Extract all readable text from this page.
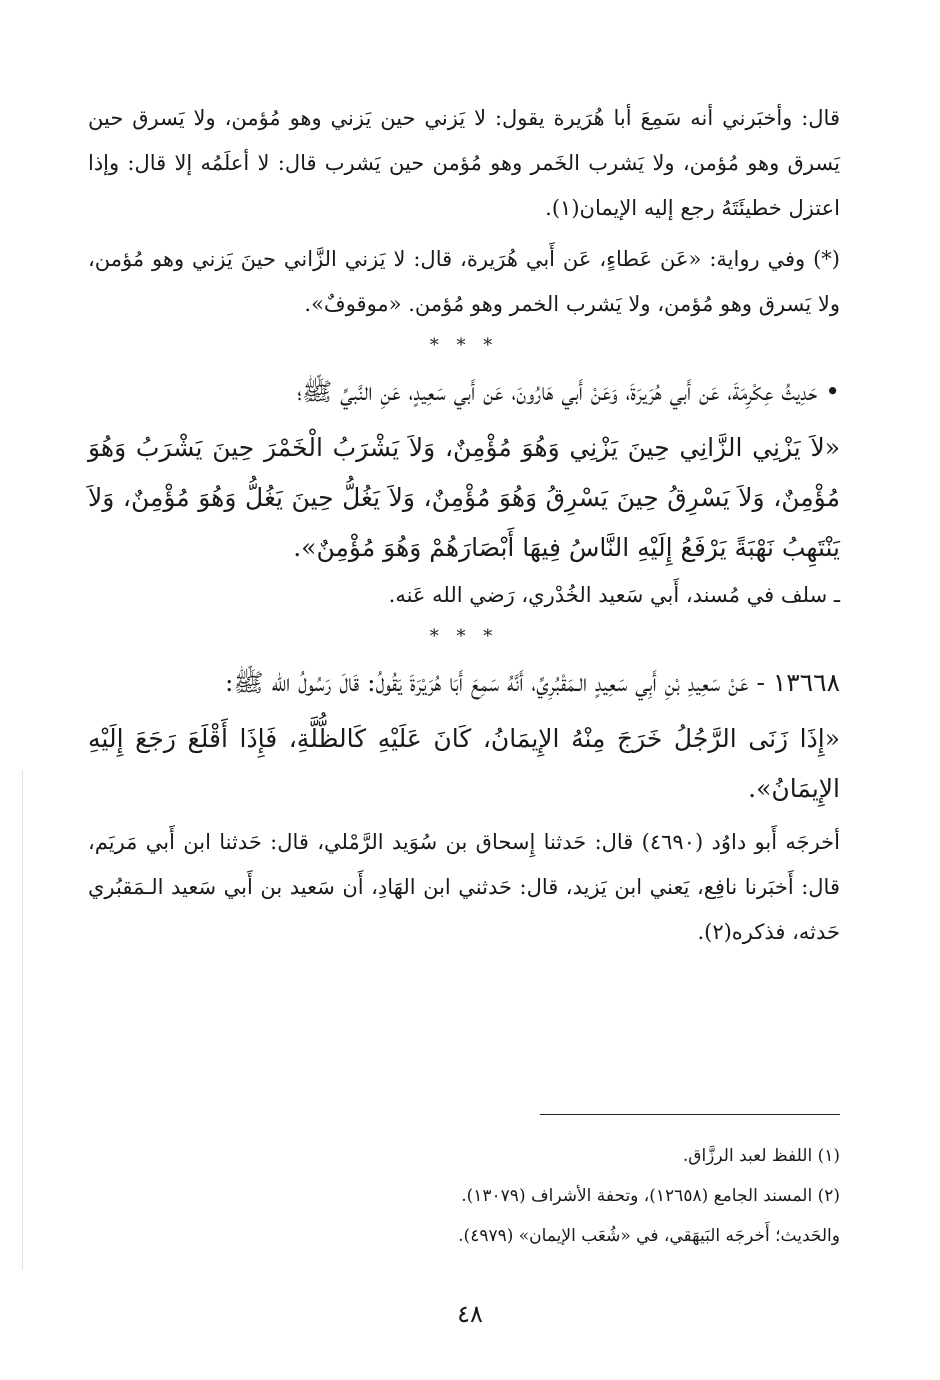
قال: وأخبَرني أنه سَمِعَ أبا هُرَيرة يقول: لا يَزني حين يَزني وهو مُؤمن، ولا يَسرق حين يَسرق وهو مُؤمن، ولا يَشرب الخَمر وهو مُؤمن حين يَشرب قال: لا أعلَمُه إلا قال: وإذا اعتزل خطيئَتَهُ رجع إليه الإيمان(١).

(*) وفي رواية: «عَن عَطاءٍ، عَن أَبي هُرَيرة، قال: لا يَزني الزَّاني حينَ يَزني وهو مُؤمن، ولا يَسرق وهو مُؤمن، ولا يَشرب الخمر وهو مُؤمن. «موقوفٌ».

* * *

• حَدِيثُ عِكْرِمَةَ، عَن أَبي هُرَيرَةَ، وَعَنْ أَبي هَارُونَ، عَن أَبي سَعِيدٍ، عَنِ النَّبيِّ ﷺ؛

«لاَ يَزْنِي الزَّانِي حِينَ يَزْنِي وَهُوَ مُؤْمِنٌ، وَلاَ يَشْرَبُ الْخَمْرَ حِينَ يَشْرَبُ وَهُوَ مُؤْمِنٌ، وَلاَ يَسْرِقُ حِينَ يَسْرِقُ وَهُوَ مُؤْمِنٌ، وَلاَ يَغُلُّ حِينَ يَغُلُّ وَهُوَ مُؤْمِنٌ، وَلاَ يَنْتَهِبُ نَهْبَةً يَرْفَعُ إِلَيْهِ النَّاسُ فِيهَا أَبْصَارَهُمْ وَهُوَ مُؤْمِنٌ».

ـ سلف في مُسند، أَبي سَعيد الخُدْري، رَضي الله عَنه.

* * *

١٣٦٦٨ - عَنْ سَعِيدِ بْنِ أَبِي سَعِيدٍ الـمَقْبُرِيِّ، أَنَّهُ سَمِعَ أَبَا هُرَيْرَةَ يَقُولُ: قَالَ رَسُولُ الله ﷺ:

«إِذَا زَنَى الرَّجُلُ خَرَجَ مِنْهُ الإِيمَانُ، كَانَ عَلَيْهِ كَالظُّلَّةِ، فَإِذَا أَقْلَعَ رَجَعَ إِلَيْهِ الإِيمَانُ».

أخرجَه أَبو داوُد (٤٦٩٠) قال: حَدثنا إِسحاق بن سُوَيد الرَّمْلي، قال: حَدثنا ابن أَبي مَريَم، قال: أَخبَرنا نافِع، يَعني ابن يَزيد، قال: حَدثني ابن الهَادِ، أَن سَعيد بن أَبي سَعيد الـمَقبُري حَدثه، فذكره(٢).

(١) اللفظ لعبد الرزَّاق.

(٢) المسند الجامع (١٢٦٥٨)، وتحفة الأشراف (١٣٠٧٩).

والحَديث؛ أَخرجَه البَيهَقي، في «شُعَب الإيمان» (٤٩٧٩).

٤٨
